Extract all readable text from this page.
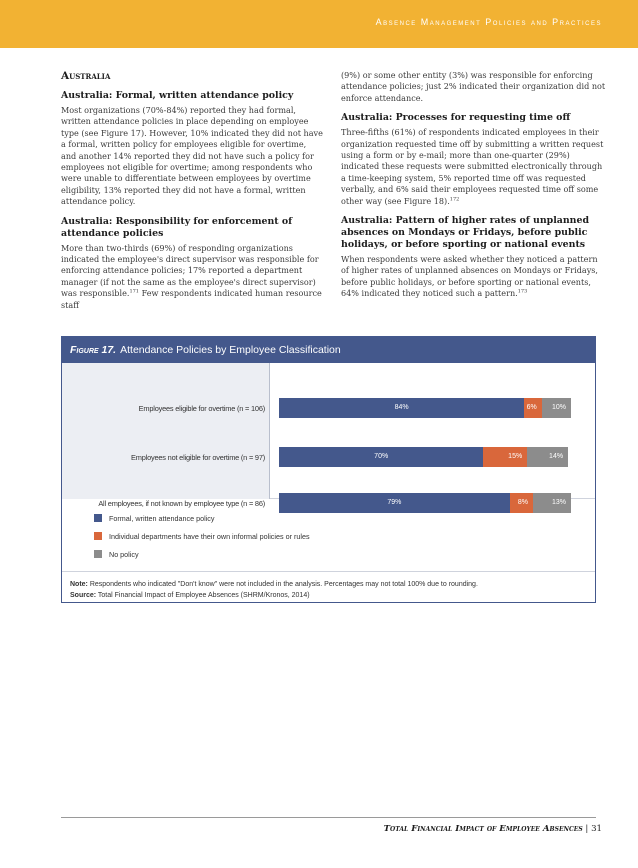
Absence Management Policies and Practices
Australia
Australia: Formal, written attendance policy

Most organizations (70%-84%) reported they had formal, written attendance policies in place depending on employee type (see Figure 17). However, 10% indicated they did not have a formal, written policy for employees eligible for overtime, and another 14% reported they did not have such a policy for employees not eligible for overtime; among respondents who were unable to differentiate between employees by overtime eligibility, 13% reported they did not have a formal, written attendance policy.

Australia: Responsibility for enforcement of attendance policies

More than two-thirds (69%) of responding organizations indicated the employee's direct supervisor was responsible for enforcing attendance policies; 17% reported a department manager (if not the same as the employee's direct supervisor) was responsible.$^{171}$ Few respondents indicated human resource staff

(9%) or some other entity (3%) was responsible for enforcing attendance policies; just 2% indicated their organization did not enforce attendance.

Australia: Processes for requesting time off

Three-fifths (61%) of respondents indicated employees in their organization requested time off by submitting a written request using a form or by e-mail; more than one-quarter (29%) indicated these requests were submitted electronically through a time-keeping system, 5% reported time off was requested verbally, and 6% said their employees requested time off some other way (see Figure 18).$^{172}$

Australia: Pattern of higher rates of unplanned absences on Mondays or Fridays, before public holidays, or before sporting or national events

When respondents were asked whether they noticed a pattern of higher rates of unplanned absences on Mondays or Fridays, before public holidays, or before sporting or national events, 64% indicated they noticed such a pattern.$^{173}$

Figure 17. Attendance Policies by Employee Classification
Employees eligible for overtime (n = 106)	84%	6% 10%
Employees not eligible for overtime (n = 97)	70%	15%	14%
All employees, if not known by employee type (n = 86)	79%	8%	13%
Formal, written attendance policy
Individual departments have their own informal policies or rules
No policy
Note: Respondents who indicated "Don't know" were not included in the analysis. Percentages may not total 100% due to rounding.
Source: Total Financial Impact of Employee Absences (SHRM/Kronos, 2014)
Total Financial Impact of Employee Absences | 31
